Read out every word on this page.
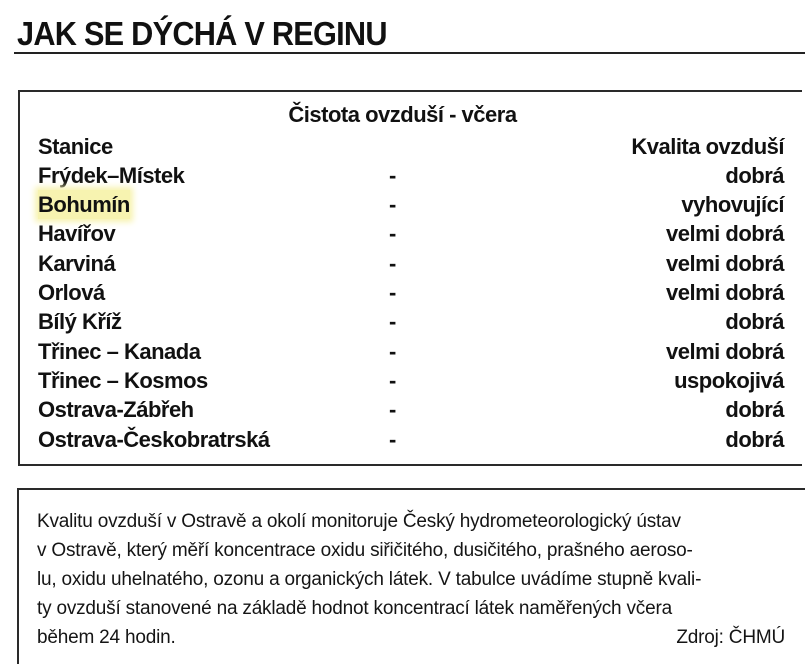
JAK SE DÝCHÁ V REGINU
Čistota ovzduší - včera
Stanice	Kvalita ovzduší
Frýdek–Místek	-	dobrá
Bohumín	-	vyhovující
Havířov	-	velmi dobrá
Karviná	-	velmi dobrá
Orlová	-	velmi dobrá
Bílý Kříž	-	dobrá
Třinec – Kanada	-	velmi dobrá
Třinec – Kosmos	-	uspokojivá
Ostrava-Zábřeh	-	dobrá
Ostrava-Českobratrská	-	dobrá
Kvalitu ovzduší v Ostravě a okolí monitoruje Český hydrometeorologický ústav
v Ostravě, který měří koncentrace oxidu siřičitého, dusičitého, prašného aeroso-
lu, oxidu uhelnatého, ozonu a organických látek. V tabulce uvádíme stupně kvali-
ty ovzduší stanovené na základě hodnot koncentrací látek naměřených včera
během 24 hodin.	Zdroj: ČHMÚ
